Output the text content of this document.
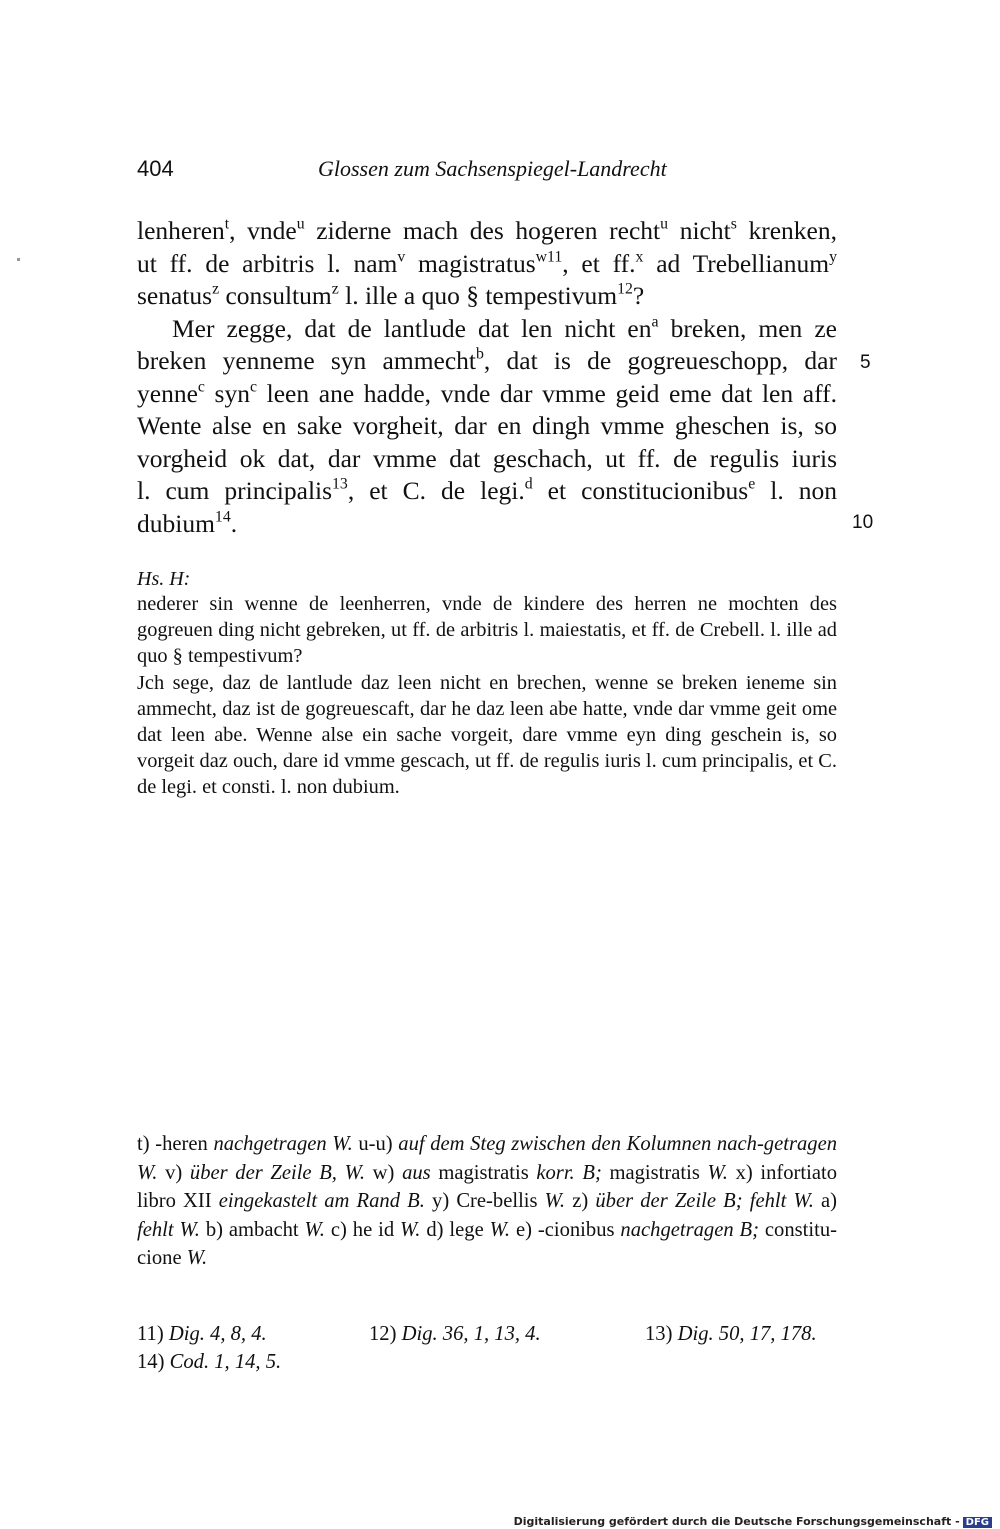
404	Glossen zum Sachsenspiegel-Landrecht

lenheren$^t$, vnde$^u$ ziderne mach des hogeren recht$^u$ nicht$^s$ krenken,

ut ff. de arbitris l. nam$^v$ magistratus$^{w11}$, et ff.$^x$ ad Trebellianum$^y$

senatus$^z$ consultum$^z$ l. ille a quo § tempestivum$^{12}$?

Mer zegge, dat de lantlude dat len nicht $en^a$ breken, men ze

breken yenneme syn ammecht$^b$, dat is de gogreueschopp, dar

yenne$^c$ syn$^c$ leen ane hadde, vnde dar vmme geid eme dat len aff.

Wente alse en sake vorgheit, dar en dingh vmme gheschen is, so

vorgheid ok dat, dar vmme dat geschach, ut ff. de regulis iuris

l. cum principalis$^{13}$, et C. de legi.$^d$ et constitucionibus$^e$ l. non

dubium$^{14}$.

5
10
Hs. H:

nederer sin wenne de leenherren, vnde de kindere des herren ne mochten des gogreuen ding nicht gebreken, ut ff. de arbitris l. maiestatis, et ff. de Crebell. l. ille ad quo § tempestivum?

Jch sege, daz de lantlude daz leen nicht en brechen, wenne se breken ieneme sin ammecht, daz ist de gogreuescaft, dar he daz leen abe hatte, vnde dar vmme geit ome dat leen abe. Wenne alse ein sache vorgeit, dare vmme eyn ding geschein is, so vorgeit daz ouch, dare id vmme gescach, ut ff. de regulis iuris l. cum principalis, et C. de legi. et consti. l. non dubium.

t) -heren nachgetragen W. u-u) auf dem Steg zwischen den Kolumnen nach-getragen W. v) über der Zeile B, W. w) aus magistratis korr. B; magistratis W. x) infortiato libro XII eingekastelt am Rand B. y) Cre-bellis W. z) über der Zeile B; fehlt W. a) fehlt W. b) ambacht W. c) he id W. d) lege W. e) -cionibus nachgetragen B; constitu-cione W.
11) Dig. 4, 8, 4.	12) Dig. 36, 1, 13, 4.	13) Dig. 50, 17, 178.
14) Cod. 1, 14, 5.
Digitalisierung gefördert durch die Deutsche Forschungsgemeinschaft - DFG
